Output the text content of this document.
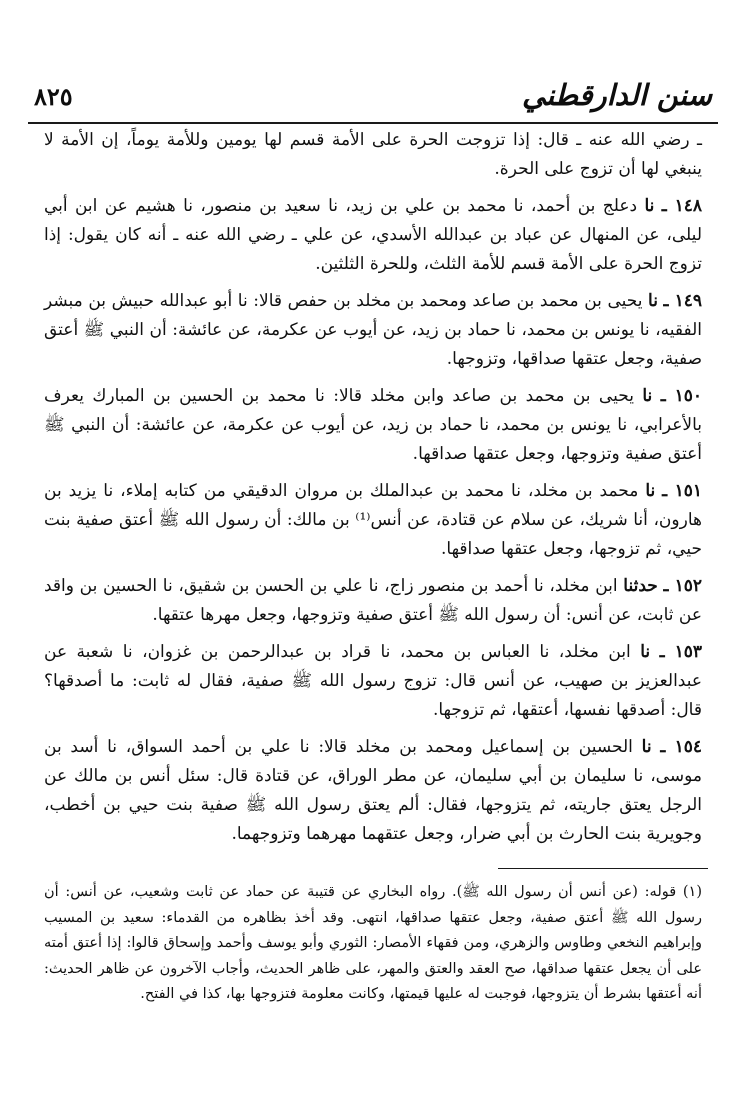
سنن الدارقطني
٨٢٥

ـ رضي الله عنه ـ قال: إذا تزوجت الحرة على الأمة قسم لها يومين وللأمة يوماً، إن الأمة لا ينبغي لها أن تزوج على الحرة.

١٤٨ ـ نا دعلج بن أحمد، نا محمد بن علي بن زيد، نا سعيد بن منصور، نا هشيم عن ابن أبي ليلى، عن المنهال عن عباد بن عبدالله الأسدي، عن علي ـ رضي الله عنه ـ أنه كان يقول: إذا تزوج الحرة على الأمة قسم للأمة الثلث، وللحرة الثلثين.

١٤٩ ـ نا يحيى بن محمد بن صاعد ومحمد بن مخلد بن حفص قالا: نا أبو عبدالله حبيش بن مبشر الفقيه، نا يونس بن محمد، نا حماد بن زيد، عن أيوب عن عكرمة، عن عائشة: أن النبي ﷺ أعتق صفية، وجعل عتقها صداقها، وتزوجها.

١٥٠ ـ نا يحيى بن محمد بن صاعد وابن مخلد قالا: نا محمد بن الحسين بن المبارك يعرف بالأعرابي، نا يونس بن محمد، نا حماد بن زيد، عن أيوب عن عكرمة، عن عائشة: أن النبي ﷺ أعتق صفية وتزوجها، وجعل عتقها صداقها.

١٥١ ـ نا محمد بن مخلد، نا محمد بن عبدالملك بن مروان الدقيقي من كتابه إملاء، نا يزيد بن هارون، أنا شريك، عن سلام عن قتادة، عن أنس⁽¹⁾ بن مالك: أن رسول الله ﷺ أعتق صفية بنت حيي، ثم تزوجها، وجعل عتقها صداقها.

١٥٢ ـ حدثنا ابن مخلد، نا أحمد بن منصور زاج، نا علي بن الحسن بن شقيق، نا الحسين بن واقد عن ثابت، عن أنس: أن رسول الله ﷺ أعتق صفية وتزوجها، وجعل مهرها عتقها.

١٥٣ ـ نا ابن مخلد، نا العباس بن محمد، نا قراد بن عبدالرحمن بن غزوان، نا شعبة عن عبدالعزيز بن صهيب، عن أنس قال: تزوج رسول الله ﷺ صفية، فقال له ثابت: ما أصدقها؟ قال: أصدقها نفسها، أعتقها، ثم تزوجها.

١٥٤ ـ نا الحسين بن إسماعيل ومحمد بن مخلد قالا: نا علي بن أحمد السواق، نا أسد بن موسى، نا سليمان بن أبي سليمان، عن مطر الوراق، عن قتادة قال: سئل أنس بن مالك عن الرجل يعتق جاريته، ثم يتزوجها، فقال: ألم يعتق رسول الله ﷺ صفية بنت حيي بن أخطب، وجويرية بنت الحارث بن أبي ضرار، وجعل عتقهما مهرهما وتزوجهما.

(١) قوله: (عن أنس أن رسول الله ﷺ). رواه البخاري عن قتيبة عن حماد عن ثابت وشعيب، عن أنس: أن رسول الله ﷺ أعتق صفية، وجعل عتقها صداقها، انتهى. وقد أخذ بظاهره من القدماء: سعيد بن المسيب وإبراهيم النخعي وطاوس والزهري، ومن فقهاء الأمصار: الثوري وأبو يوسف وأحمد وإسحاق قالوا: إذا أعتق أمته على أن يجعل عتقها صداقها، صح العقد والعتق والمهر، على ظاهر الحديث، وأجاب الآخرون عن ظاهر الحديث: أنه أعتقها بشرط أن يتزوجها، فوجبت له عليها قيمتها، وكانت معلومة فتزوجها بها، كذا في الفتح.
